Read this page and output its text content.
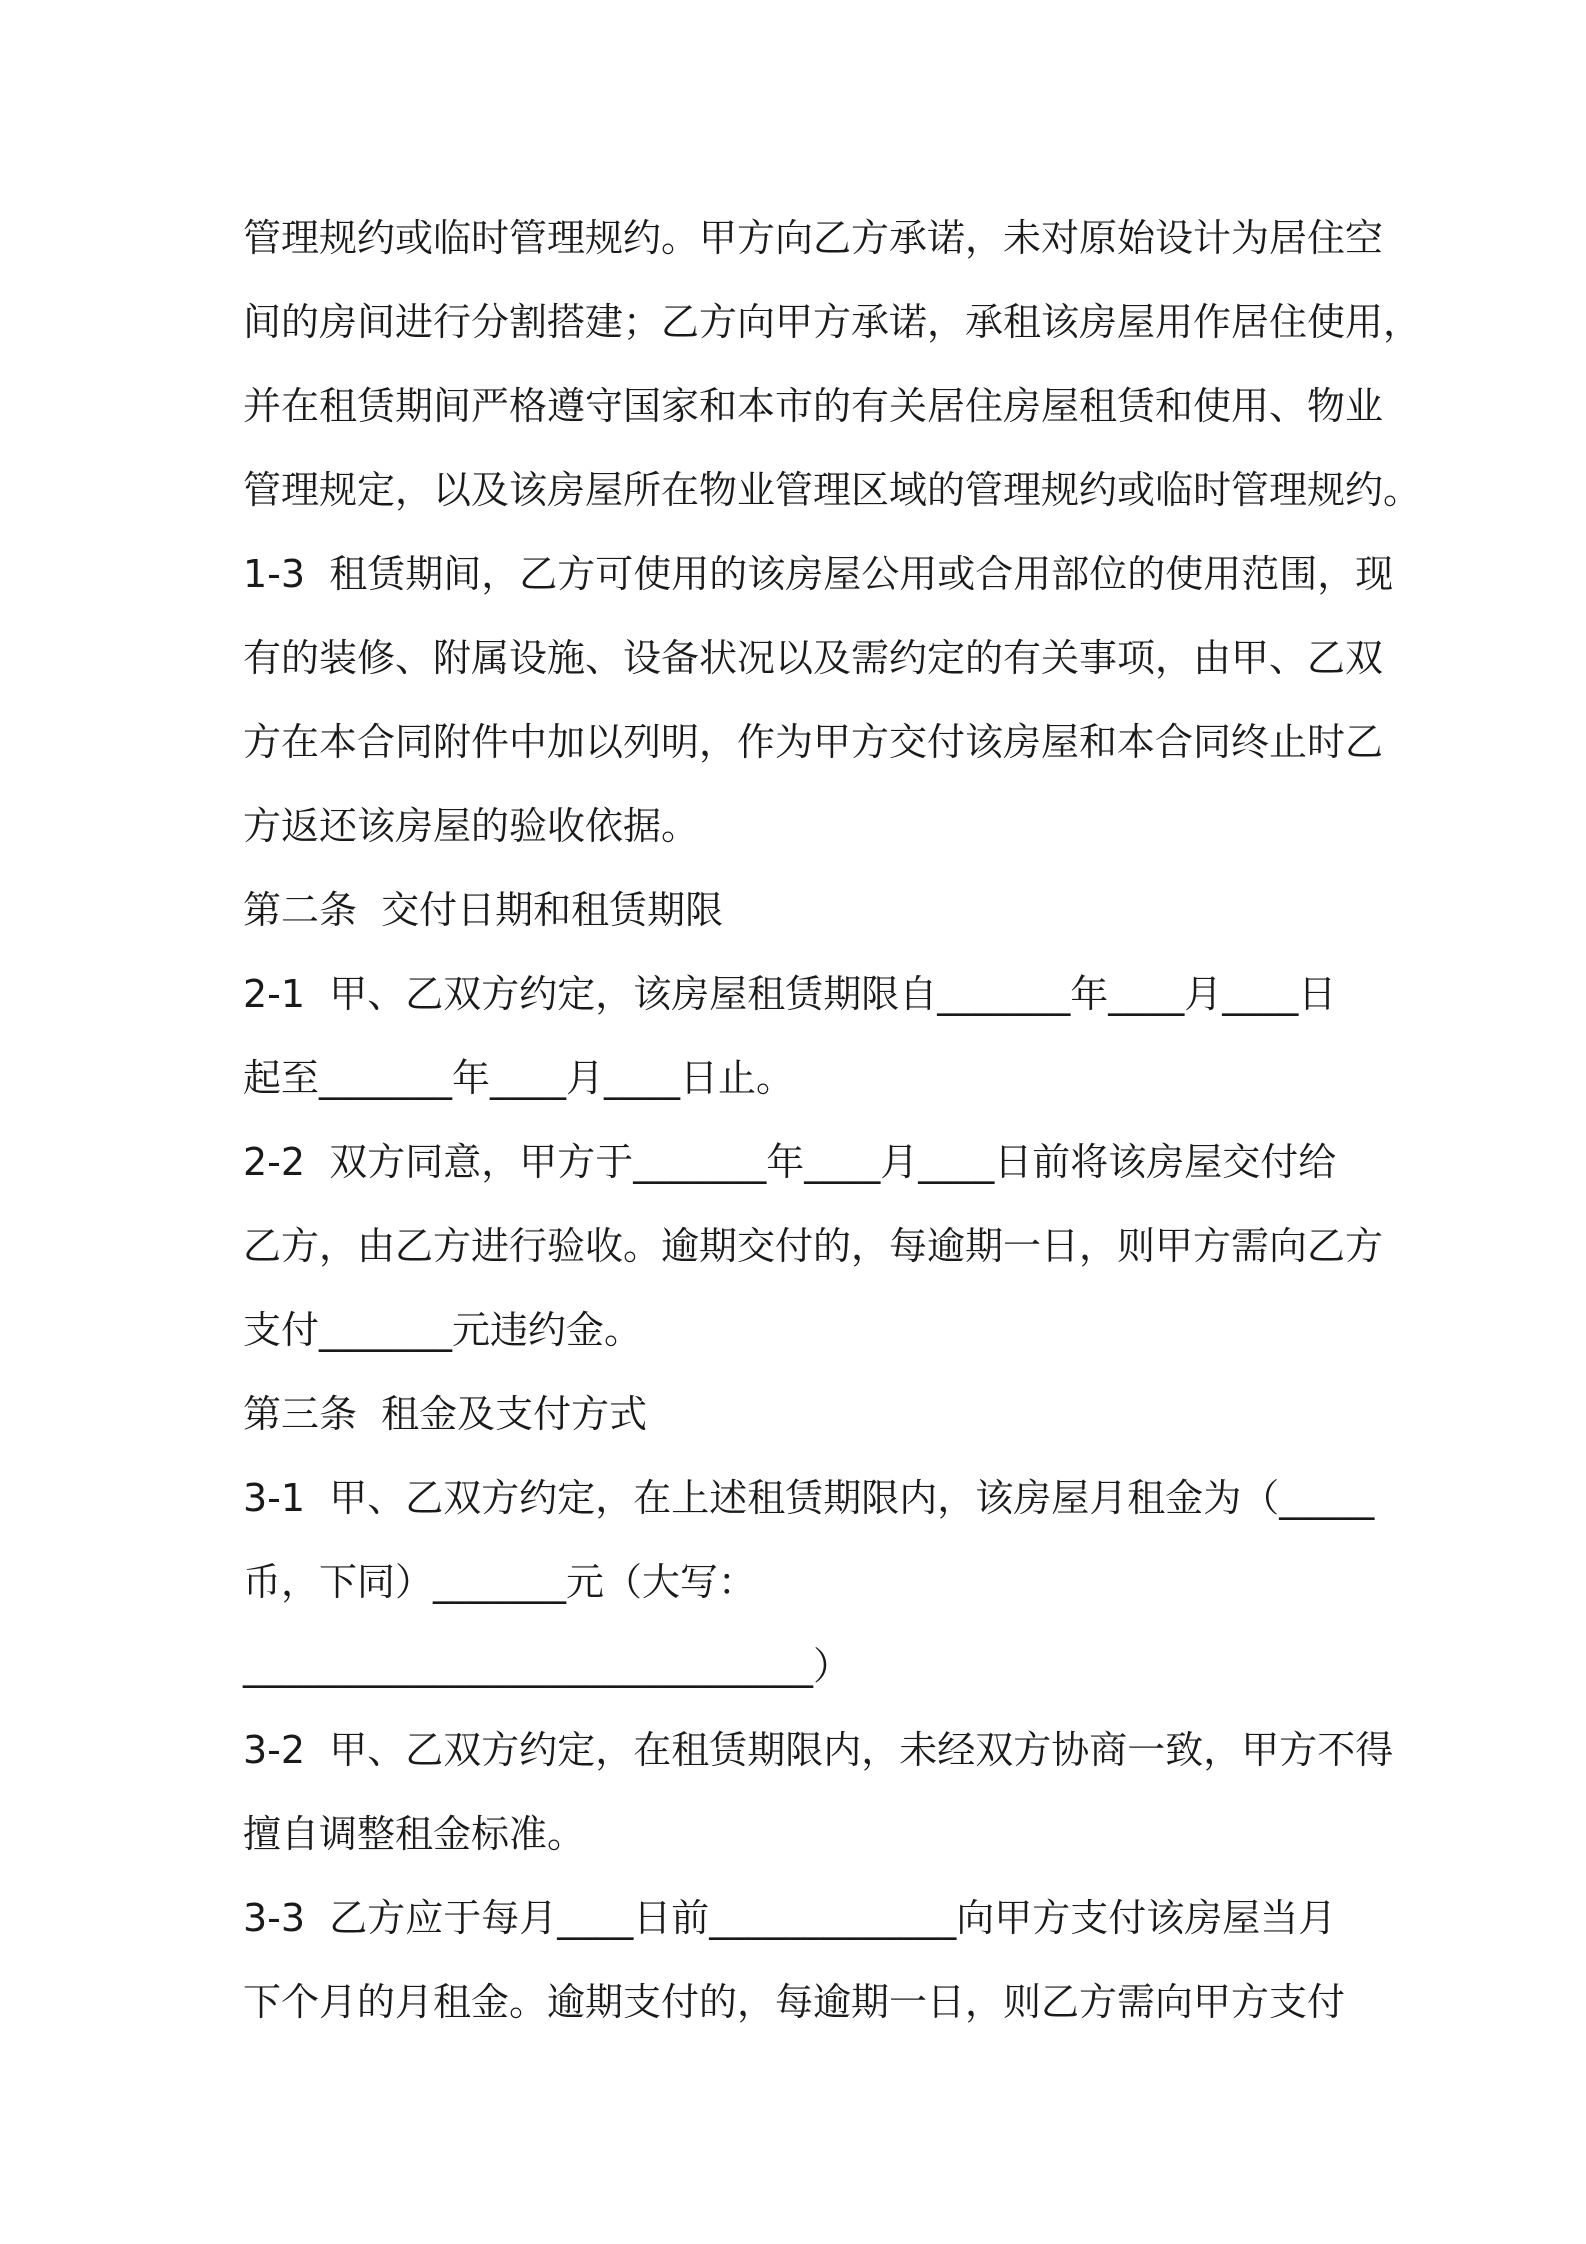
管理规约或临时管理规约。甲方向乙方承诺，未对原始设计为居住空
间的房间进行分割搭建；乙方向甲方承诺，承租该房屋用作居住使用，
并在租赁期间严格遵守国家和本市的有关居住房屋租赁和使用、物业
管理规定，以及该房屋所在物业管理区域的管理规约或临时管理规约。
1-3  租赁期间，乙方可使用的该房屋公用或合用部位的使用范围，现
有的装修、附属设施、设备状况以及需约定的有关事项，由甲、乙双
方在本合同附件中加以列明，作为甲方交付该房屋和本合同终止时乙
方返还该房屋的验收依据。
第二条  交付日期和租赁期限
2-1  甲、乙双方约定，该房屋租赁期限自_______年____月____日
起至_______年____月____日止。
2-2  双方同意，甲方于_______年____月____日前将该房屋交付给
乙方，由乙方进行验收。逾期交付的，每逾期一日，则甲方需向乙方
支付_______元违约金。
第三条  租金及支付方式
3-1  甲、乙双方约定，在上述租赁期限内，该房屋月租金为（_____
币，下同）_______元（大写：
______________________________）
3-2  甲、乙双方约定，在租赁期限内，未经双方协商一致，甲方不得
擅自调整租金标准。
3-3  乙方应于每月____日前_____________向甲方支付该房屋当月
下个月的月租金。逾期支付的，每逾期一日，则乙方需向甲方支付
